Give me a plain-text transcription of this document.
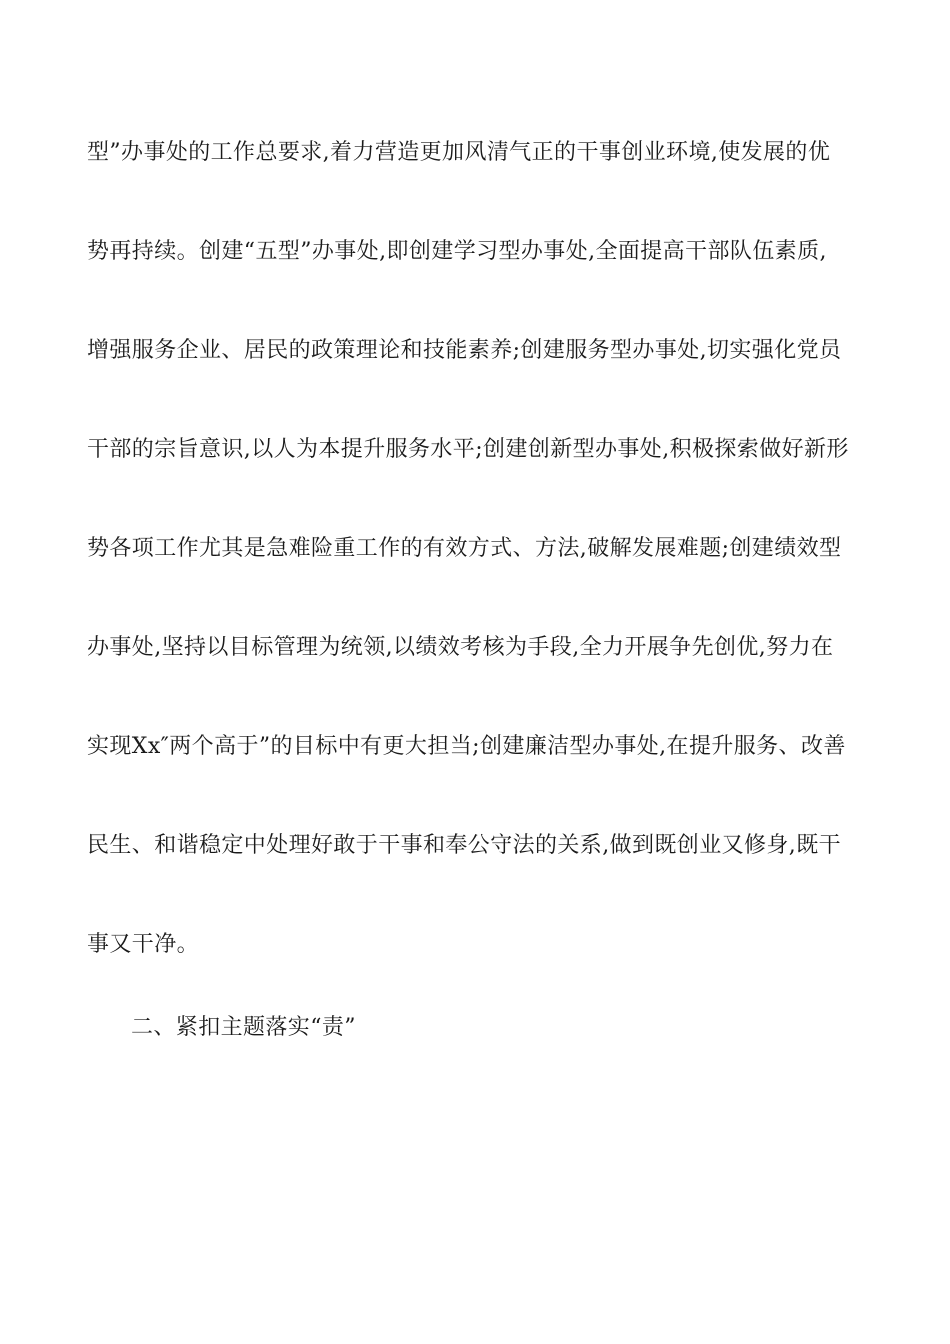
型”办事处的工作总要求,着力营造更加风清气正的干事创业环境,使发展的优
势再持续。创建“五型”办事处,即创建学习型办事处,全面提高干部队伍素质,
增强服务企业、居民的政策理论和技能素养;创建服务型办事处,切实强化党员
干部的宗旨意识,以人为本提升服务水平;创建创新型办事处,积极探索做好新形
势各项工作尤其是急难险重工作的有效方式、方法,破解发展难题;创建绩效型
办事处,坚持以目标管理为统领,以绩效考核为手段,全力开展争先创优,努力在
实现Xx″两个高于”的目标中有更大担当;创建廉洁型办事处,在提升服务、改善
民生、和谐稳定中处理好敢于干事和奉公守法的关系,做到既创业又修身,既干
事又干净。
二、紧扣主题落实“责”
